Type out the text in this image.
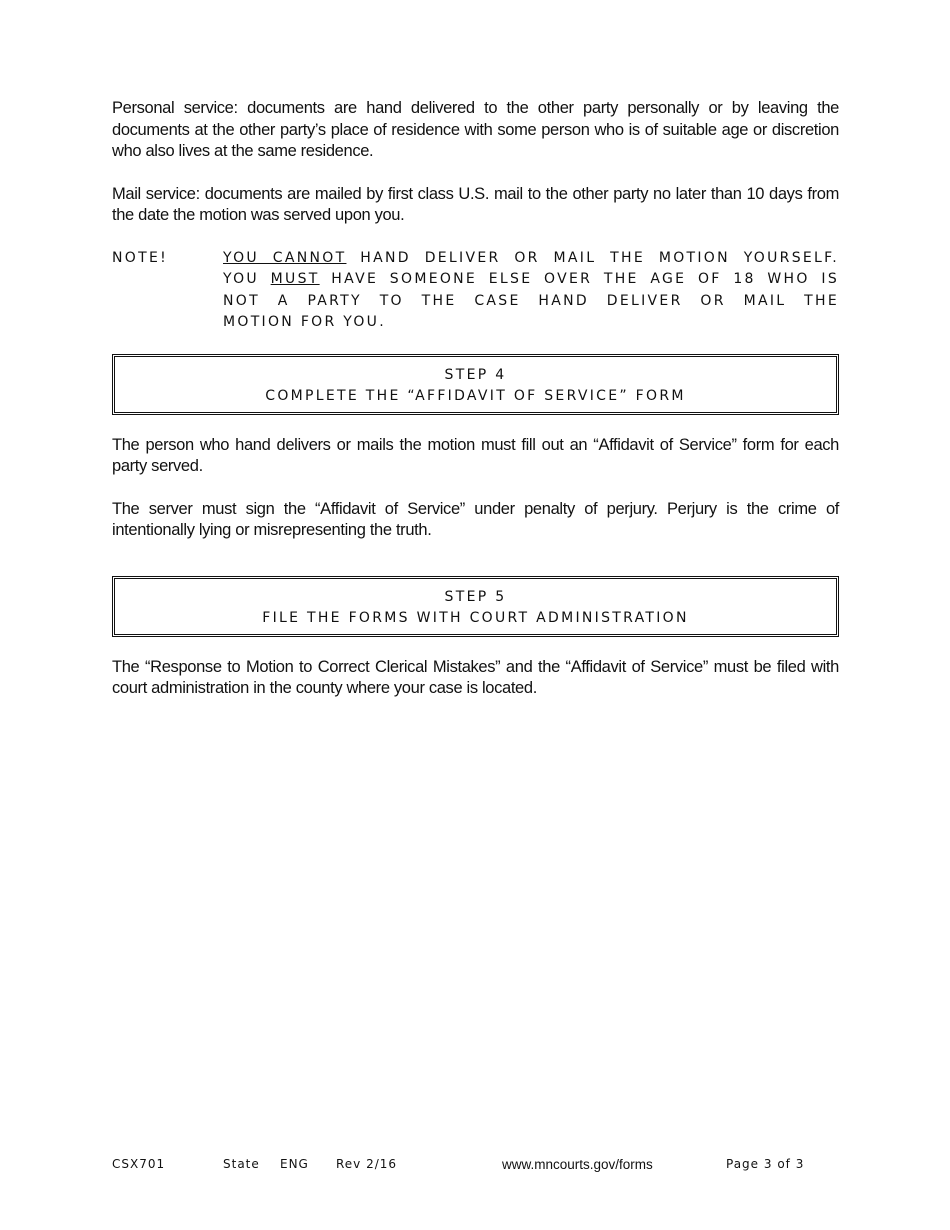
Personal service: documents are hand delivered to the other party personally or by leaving the documents at the other party’s place of residence with some person who is of suitable age or discretion who also lives at the same residence.

Mail service: documents are mailed by first class U.S. mail to the other party no later than 10 days from the date the motion was served upon you.

NOTE!	YOU CANNOT HAND DELIVER OR MAIL THE MOTION YOURSELF.
YOU MUST HAVE SOMEONE ELSE OVER THE AGE OF 18 WHO IS
NOT A PARTY TO THE CASE HAND DELIVER OR MAIL THE
MOTION FOR YOU.
STEP 4
COMPLETE THE “AFFIDAVIT OF SERVICE” FORM

The person who hand delivers or mails the motion must fill out an “Affidavit of Service” form for each party served.

The server must sign the “Affidavit of Service” under penalty of perjury. Perjury is the crime of intentionally lying or misrepresenting the truth.

STEP 5
FILE THE FORMS WITH COURT ADMINISTRATION

The “Response to Motion to Correct Clerical Mistakes” and the “Affidavit of Service” must be filed with court administration in the county where your case is located.

CSX701	State ENG Rev 2/16	www.mncourts.gov/forms	Page 3 of 3
